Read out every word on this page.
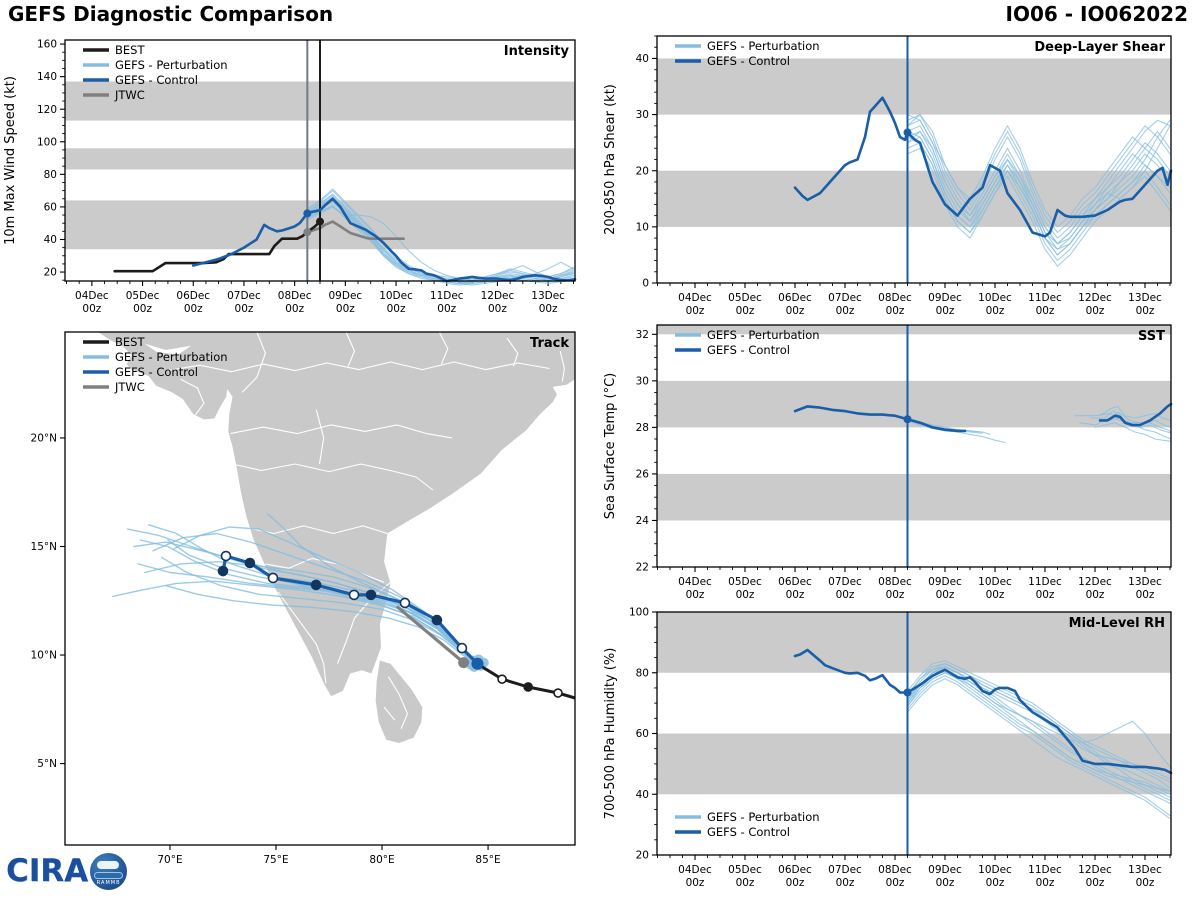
GEFS Diagnostic Comparison	IO06 - IO062022
20
40
60
80
100
120
140
160
04Dec
00z
05Dec
00z
06Dec
00z
07Dec
00z
08Dec
00z
09Dec
00z
10Dec
00z
11Dec
00z
12Dec
00z
13Dec
00z
10m Max Wind Speed (kt)
Intensity
BEST
GEFS - Perturbation
GEFS - Control
JTWC
70°E	75°E	80°E	85°E
20°N
15°N
10°N
5°N
Track
BEST
GEFS - Perturbation
GEFS - Control
JTWC
0
10
20
30
40
04Dec
00z
05Dec
00z
06Dec
00z
07Dec
00z
08Dec
00z
09Dec
00z
10Dec
00z
11Dec
00z
12Dec
00z
13Dec
00z
200-850 hPa Shear (kt)
Deep-Layer Shear
GEFS - Perturbation
GEFS - Control
22
24
26
28
30
32
04Dec
00z
05Dec
00z
06Dec
00z
07Dec
00z
08Dec
00z
09Dec
00z
10Dec
00z
11Dec
00z
12Dec
00z
13Dec
00z
Sea Surface Temp (°C)
SST
GEFS - Perturbation
GEFS - Control
20
40
60
80
100
04Dec
00z
05Dec
00z
06Dec
00z
07Dec
00z
08Dec
00z
09Dec
00z
10Dec
00z
11Dec
00z
12Dec
00z
13Dec
00z
700-500 hPa Humidity (%)
Mid-Level RH
GEFS - Perturbation
GEFS - Control
CIRA	RAMMB
